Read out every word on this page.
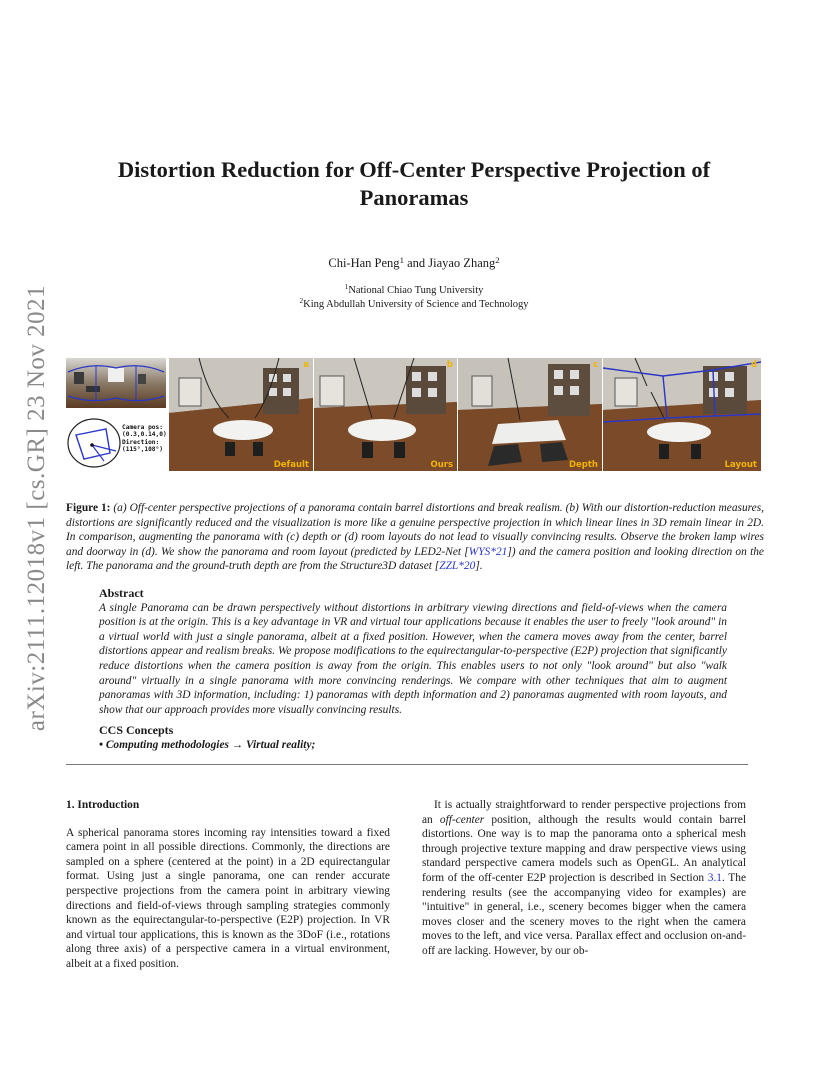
arXiv:2111.12018v1 [cs.GR] 23 Nov 2021
Distortion Reduction for Off-Center Perspective Projection of
Panoramas
Chi-Han Peng$^1$ and Jiayao Zhang$^2$
$^1$National Chiao Tung University
$^2$King Abdullah University of Science and Technology
Camera pos:
(0.3,0.14,0)
Direction:
(115°,108°)
a
Default
b
Ours
c
Depth
d
Layout
Figure 1: (a) Off-center perspective projections of a panorama contain barrel distortions and break realism. (b) With our distortion-reduction measures, distortions are significantly reduced and the visualization is more like a genuine perspective projection in which linear lines in 3D remain linear in 2D. In comparison, augmenting the panorama with (c) depth or (d) room layouts do not lead to visually convincing results. Observe the broken lamp wires and doorway in (d). We show the panorama and room layout (predicted by LED2-Net [WYS*21]) and the camera position and looking direction on the left. The panorama and the ground-truth depth are from the Structure3D dataset [ZZL*20].
Abstract

A single Panorama can be drawn perspectively without distortions in arbitrary viewing directions and field-of-views when the camera position is at the origin. This is a key advantage in VR and virtual tour applications because it enables the user to freely "look around" in a virtual world with just a single panorama, albeit at a fixed position. However, when the camera moves away from the center, barrel distortions appear and realism breaks. We propose modifications to the equirectangular-to-perspective (E2P) projection that significantly reduce distortions when the camera position is away from the origin. This enables users to not only "look around" but also "walk around" virtually in a single panorama with more convincing renderings. We compare with other techniques that aim to augment panoramas with 3D information, including: 1) panoramas with depth information and 2) panoramas augmented with room layouts, and show that our approach provides more visually convincing results.

CCS Concepts

• Computing methodologies → Virtual reality;

1. Introduction

A spherical panorama stores incoming ray intensities toward a fixed camera point in all possible directions. Commonly, the directions are sampled on a sphere (centered at the point) in a 2D equirectangular format. Using just a single panorama, one can render accurate perspective projections from the camera point in arbitrary viewing directions and field-of-views through sampling strategies commonly known as the equirectangular-to-perspective (E2P) projection. In VR and virtual tour applications, this is known as the 3DoF (i.e., rotations along three axis) of a perspective camera in a virtual environment, albeit at a fixed position.

It is actually straightforward to render perspective projections from an off-center position, although the results would contain barrel distortions. One way is to map the panorama onto a spherical mesh through projective texture mapping and draw perspective views using standard perspective camera models such as OpenGL. An analytical form of the off-center E2P projection is described in Section 3.1. The rendering results (see the accompanying video for examples) are "intuitive" in general, i.e., scenery becomes bigger when the camera moves closer and the scenery moves to the right when the camera moves to the left, and vice versa. Parallax effect and occlusion on-and-off are lacking. However, by our ob-
